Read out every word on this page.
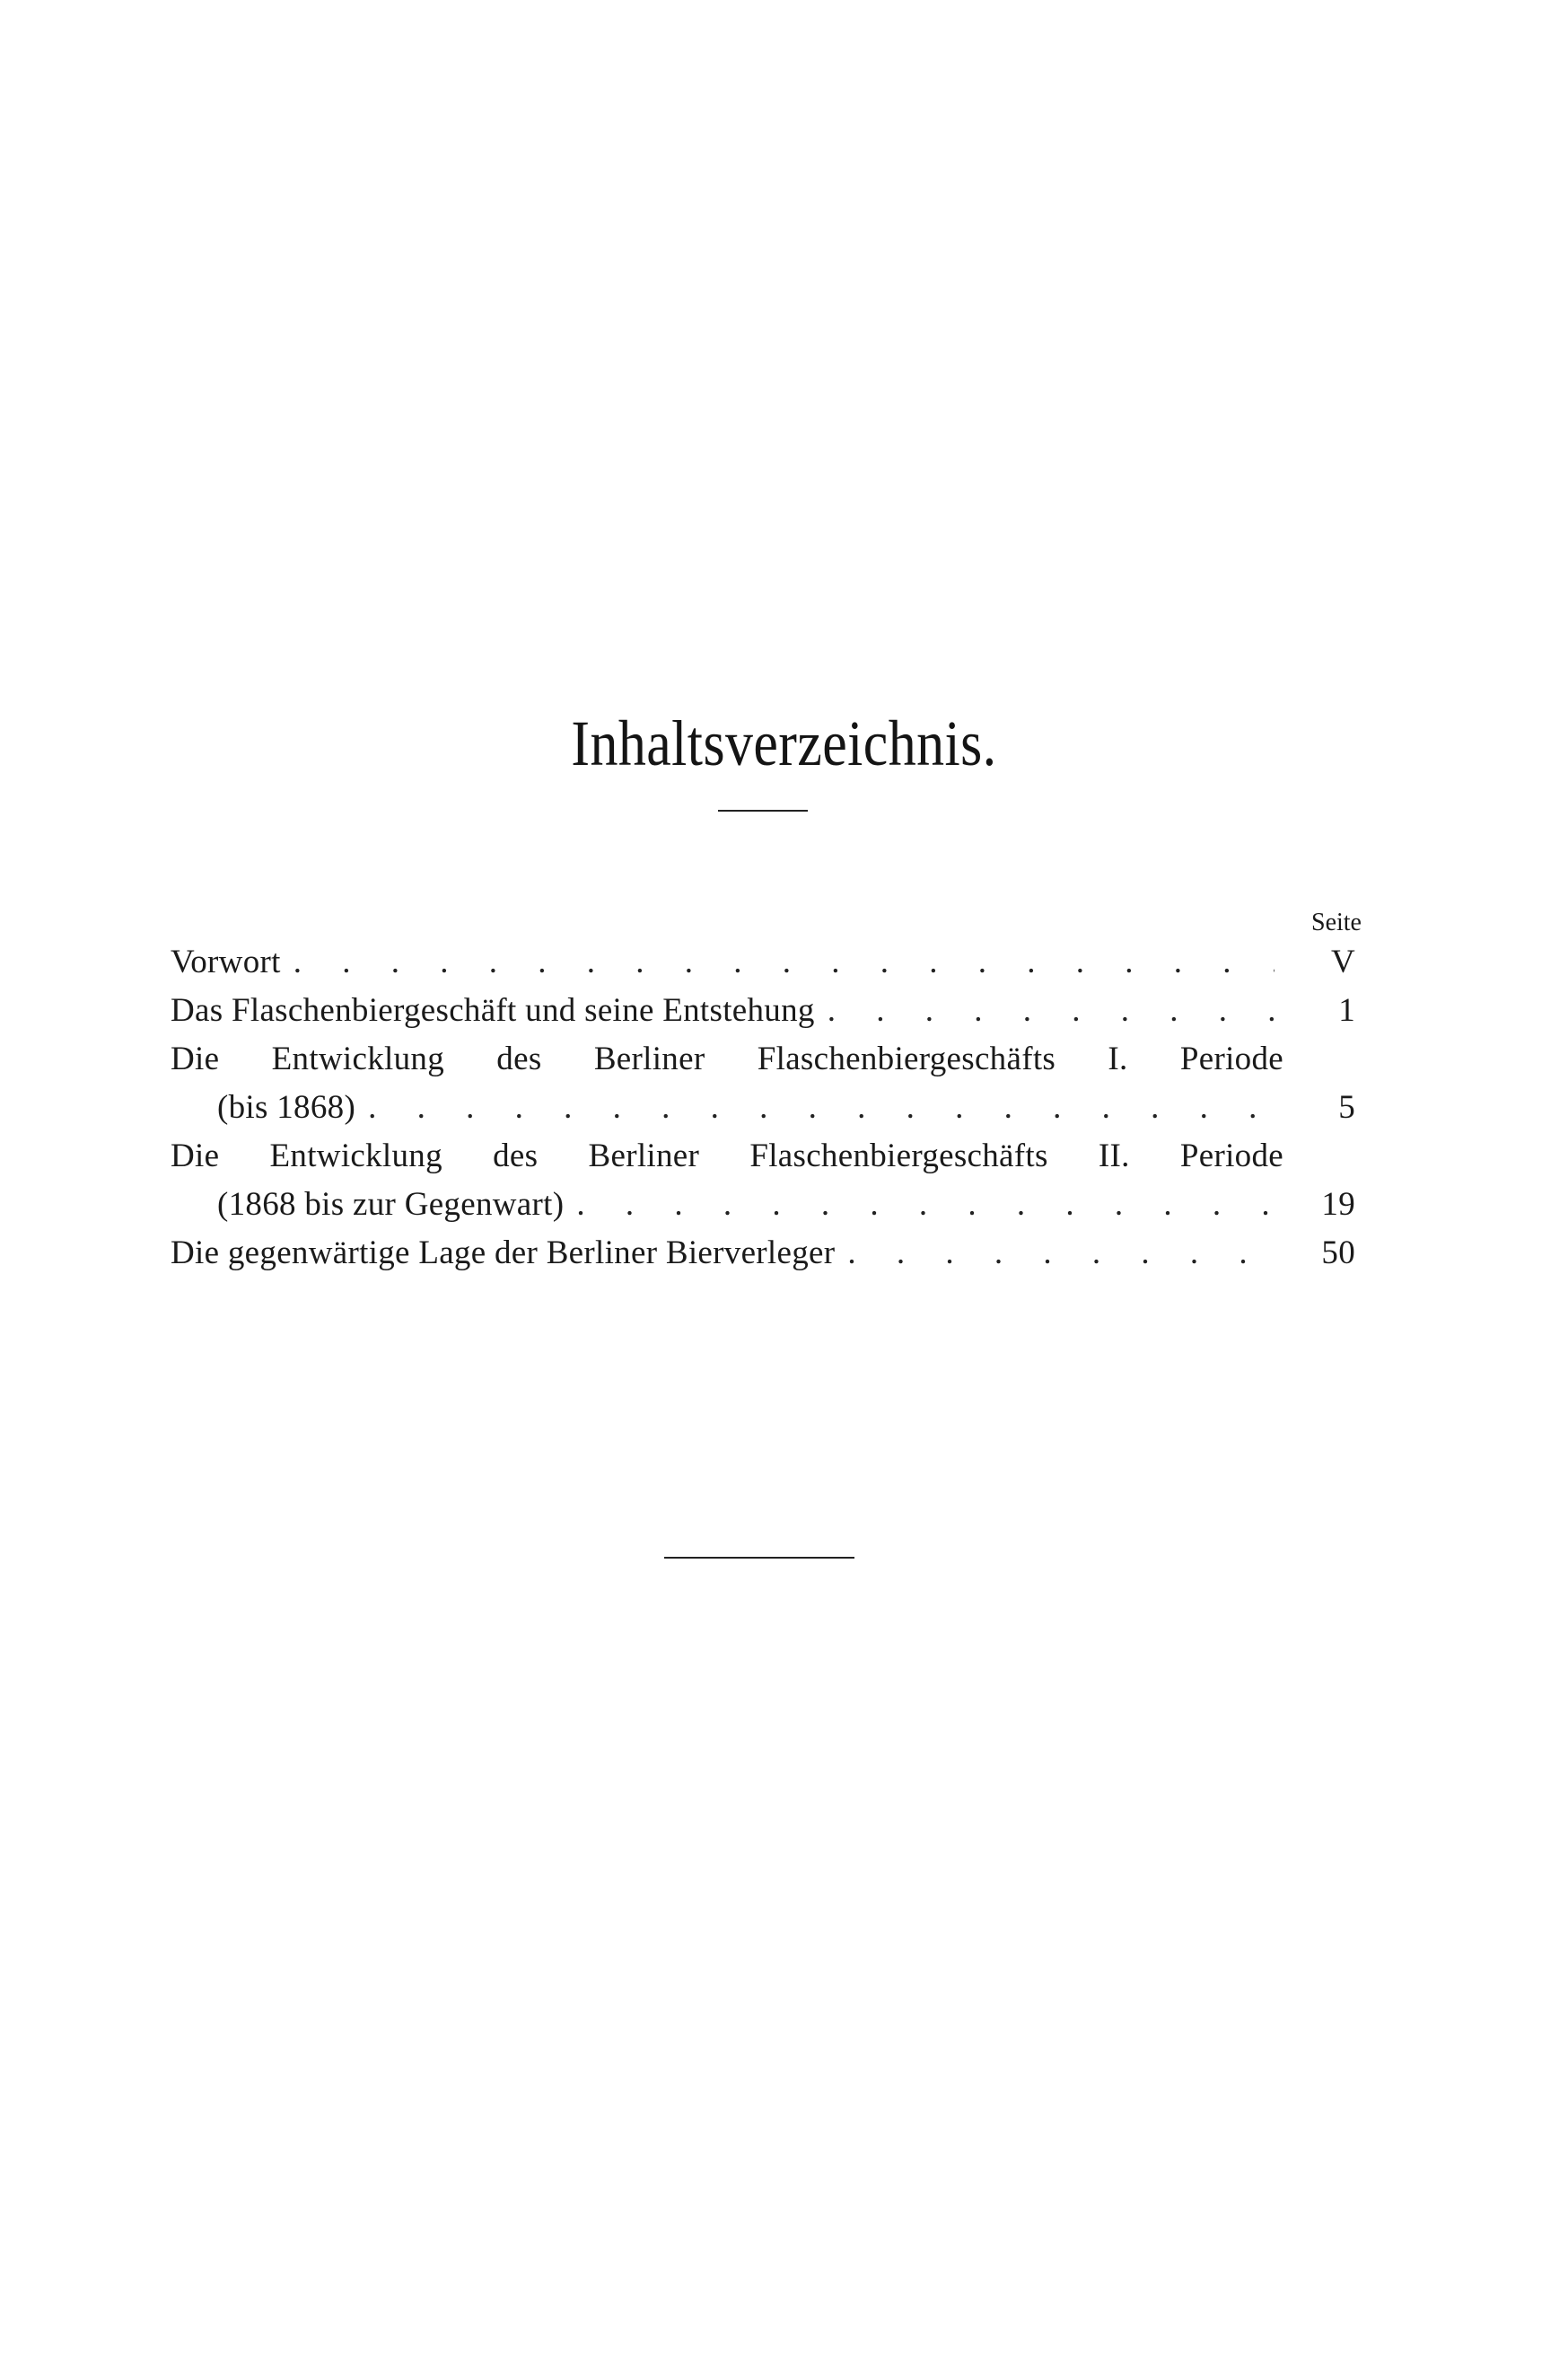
Inhaltsverzeichnis.
Seite
Vorwort . . .	V
Das Flaschenbiergeschäft und seine Entstehung . . .	1
Die Entwicklung des Berliner Flaschenbiergeschäfts I. Periode
(bis 1868) . . .	5
Die Entwicklung des Berliner Flaschenbiergeschäfts II. Periode
(1868 bis zur Gegenwart) . . .	19
Die gegenwärtige Lage der Berliner Bierverleger . . .	50
